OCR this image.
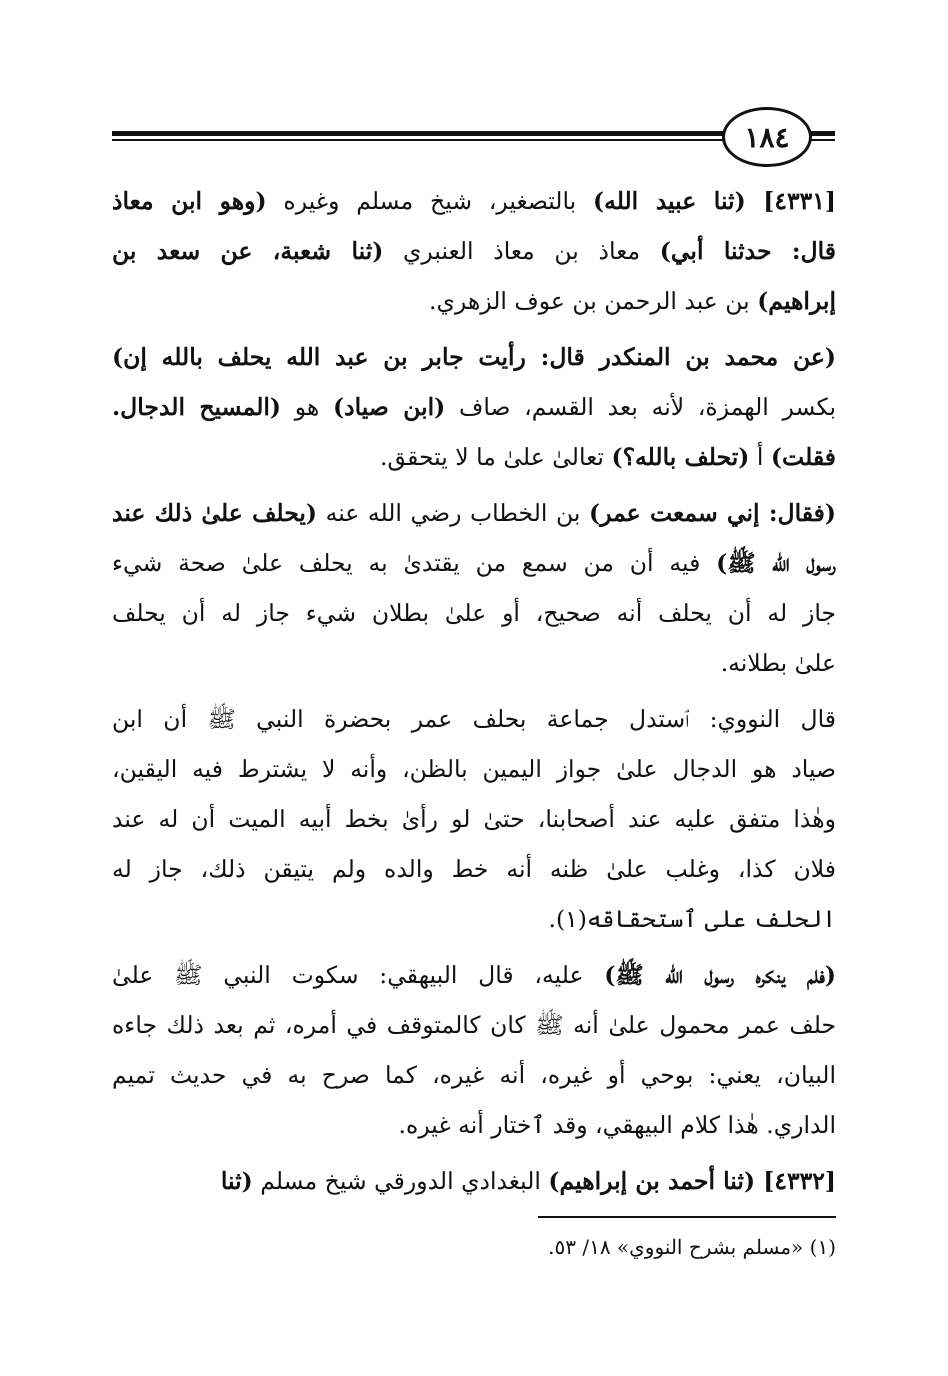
١٨٤
[٤٣٣١] (ثنا عبيد الله) بالتصغير، شيخ مسلم وغيره (وهو ابن معاذ
قال: حدثنا أبي) معاذ بن معاذ العنبري (ثنا شعبة، عن سعد بن
إبراهيم) بن عبد الرحمن بن عوف الزهري.
(عن محمد بن المنكدر قال: رأيت جابر بن عبد الله يحلف بالله إن)
بكسر الهمزة، لأنه بعد القسم، صاف (ابن صياد) هو (المسيح الدجال.
فقلت) أ (تحلف بالله؟) تعالىٰ علىٰ ما لا يتحقق.
(فقال: إني سمعت عمر) بن الخطاب رضي الله عنه (يحلف علىٰ ذلك عند
رسول الله ﷺ) فيه أن من سمع من يقتدىٰ به يحلف علىٰ صحة شيء
جاز له أن يحلف أنه صحيح، أو علىٰ بطلان شيء جاز له أن يحلف
علىٰ بطلانه.
قال النووي: ٱستدل جماعة بحلف عمر بحضرة النبي ﷺ أن ابن
صياد هو الدجال علىٰ جواز اليمين بالظن، وأنه لا يشترط فيه اليقين،
وهٰذا متفق عليه عند أصحابنا، حتىٰ لو رأىٰ بخط أبيه الميت أن له عند
فلان كذا، وغلب علىٰ ظنه أنه خط والده ولم يتيقن ذلك، جاز له
الحلف على ٱستحقاقه(١).
(فلم ينكره رسول الله ﷺ) عليه، قال البيهقي: سكوت النبي ﷺ علىٰ
حلف عمر محمول علىٰ أنه ﷺ كان كالمتوقف في أمره، ثم بعد ذلك جاءه
البيان، يعني: بوحي أو غيره، أنه غيره، كما صرح به في حديث تميم
الداري. هٰذا كلام البيهقي، وقد ٱختار أنه غيره.
[٤٣٣٢] (ثنا أحمد بن إبراهيم) البغدادي الدورقي شيخ مسلم (ثنا
(١) «مسلم بشرح النووي» ١٨/ ٥٣.
